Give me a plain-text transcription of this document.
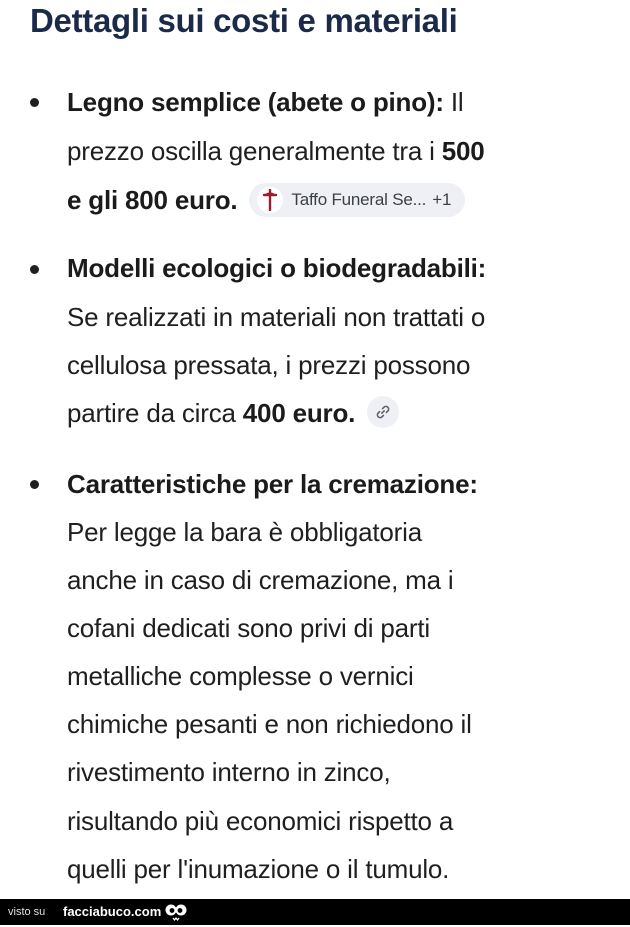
Dettagli sui costi e materiali
Legno semplice (abete o pino): Il
prezzo oscilla generalmente tra i 500
e gli 800 euro.	Taffo Funeral Se... +1
Modelli ecologici o biodegradabili:
Se realizzati in materiali non trattati o
cellulosa pressata, i prezzi possono
partire da circa 400 euro.
Caratteristiche per la cremazione:
Per legge la bara è obbligatoria
anche in caso di cremazione, ma i
cofani dedicati sono privi di parti
metalliche complesse o vernici
chimiche pesanti e non richiedono il
rivestimento interno in zinco,
risultando più economici rispetto a
quelli per l'inumazione o il tumulo.
visto su facciabuco.com
